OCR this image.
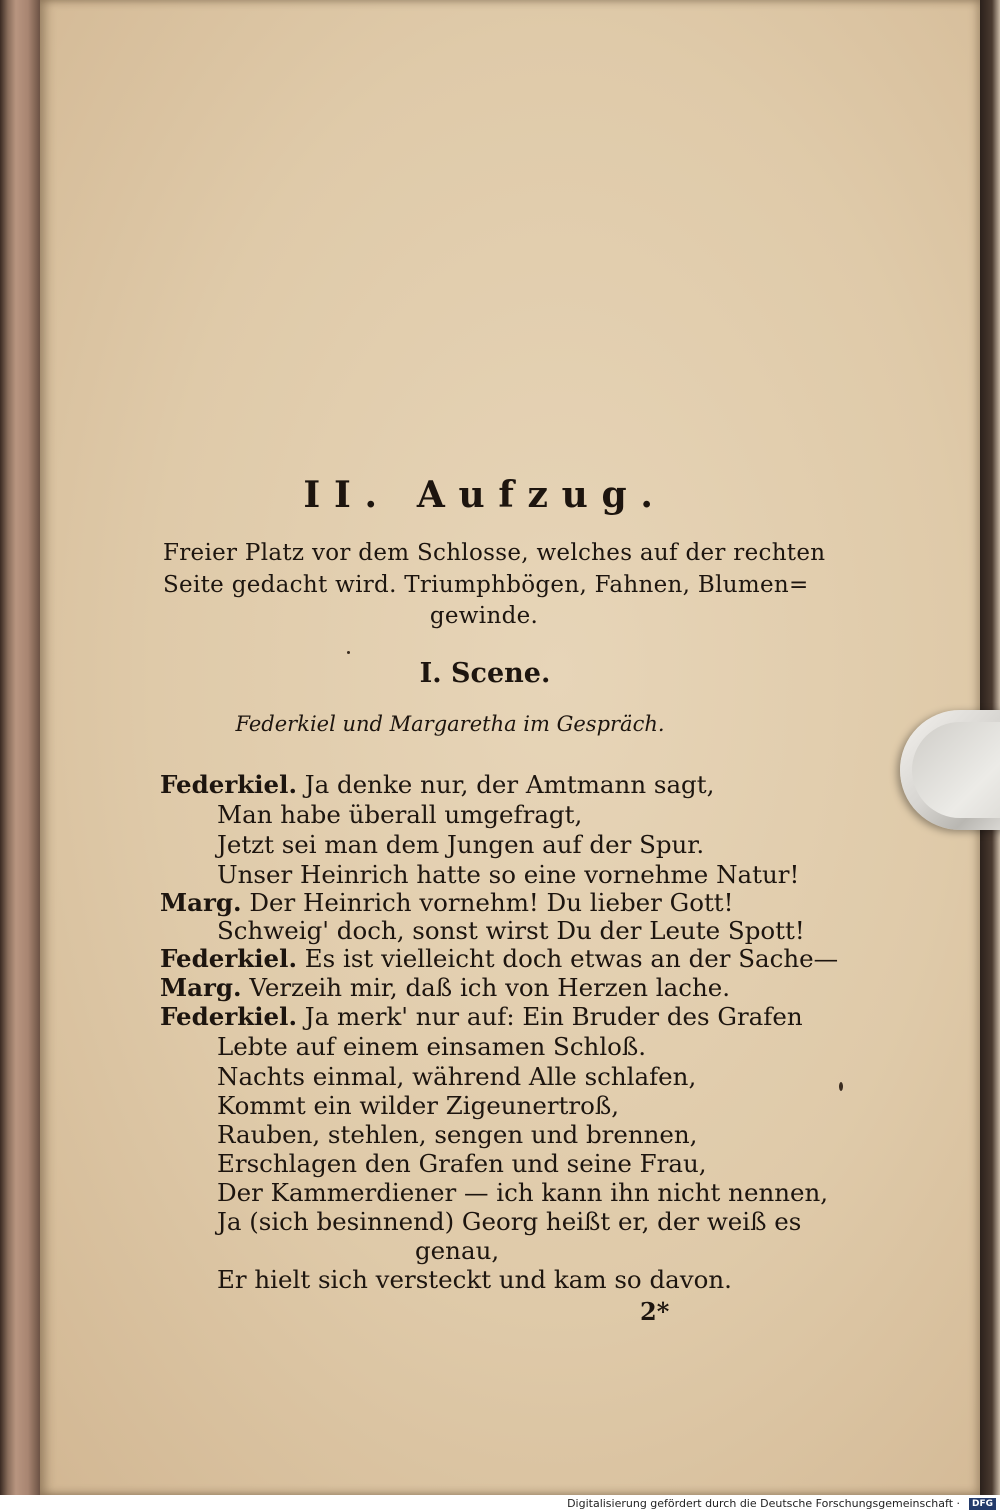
II. Aufzug.
Freier Platz vor dem Schlosse, welches auf der rechten
Seite gedacht wird. Triumphbögen, Fahnen, Blumen=
gewinde.
I. Scene.
Federkiel und Margaretha im Gespräch.
Federkiel. Ja denke nur, der Amtmann sagt,
Man habe überall umgefragt,
Jetzt sei man dem Jungen auf der Spur.
Unser Heinrich hatte so eine vornehme Natur!
Marg. Der Heinrich vornehm! Du lieber Gott!
Schweig' doch, sonst wirst Du der Leute Spott!
Federkiel. Es ist vielleicht doch etwas an der Sache—
Marg. Verzeih mir, daß ich von Herzen lache.
Federkiel. Ja merk' nur auf: Ein Bruder des Grafen
Lebte auf einem einsamen Schloß.
Nachts einmal, während Alle schlafen,
Kommt ein wilder Zigeunertroß,
Rauben, stehlen, sengen und brennen,
Erschlagen den Grafen und seine Frau,
Der Kammerdiener — ich kann ihn nicht nennen,
Ja (sich besinnend) Georg heißt er, der weiß es
genau,
Er hielt sich versteckt und kam so davon.
2*
Digitalisierung gefördert durch die Deutsche Forschungsgemeinschaft ·	DFG
